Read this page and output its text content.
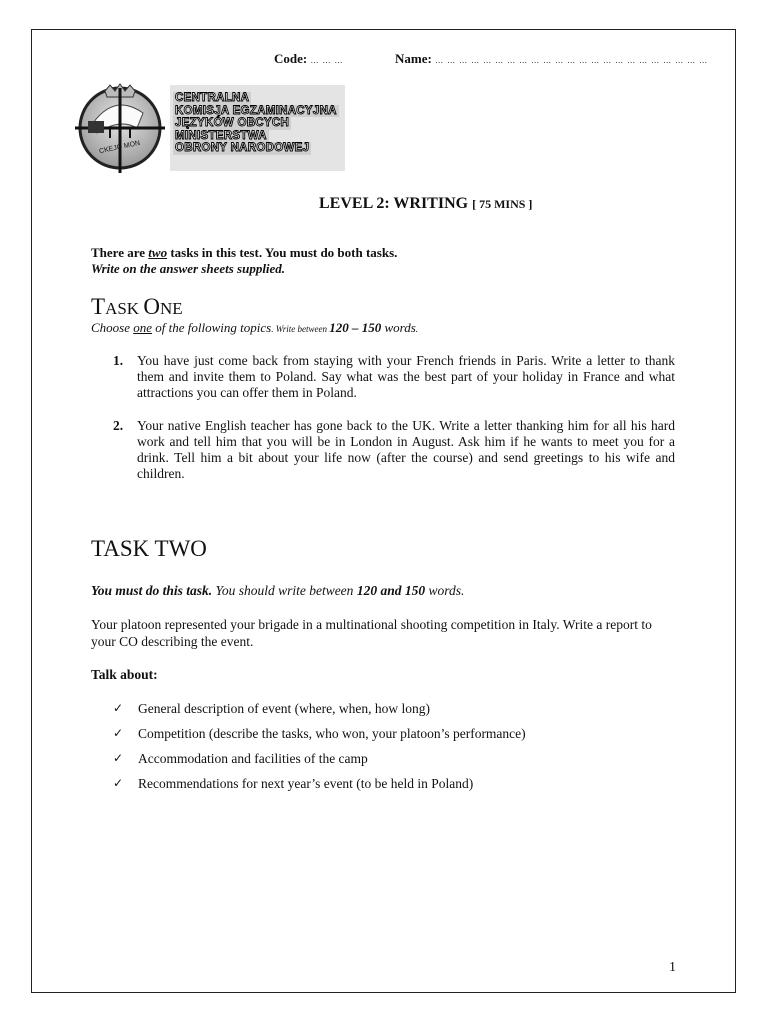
Code: … … …	Name: … … … … … … … … … … … … … … … … … … … … … … …
CKEJO MON
CENTRALNA
KOMISJA EGZAMINACYJNA
JĘZYKÓW OBCYCH
MINISTERSTWA
OBRONY NARODOWEJ
LEVEL 2: WRITING [ 75 MINS ]
There are two tasks in this test. You must do both tasks.
Write on the answer sheets supplied.
TASK ONE
Choose one of the following topics. Write between 120 – 150 words.
1. You have just come back from staying with your French friends in Paris. Write a letter to thank them and invite them to Poland. Say what was the best part of your holiday in France and what attractions you can offer them in Poland.
2. Your native English teacher has gone back to the UK. Write a letter thanking him for all his hard work and tell him that you will be in London in August. Ask him if he wants to meet you for a drink. Tell him a bit about your life now (after the course) and send greetings to his wife and children.
TASK TWO
You must do this task. You should write between 120 and 150 words.
Your platoon represented your brigade in a multinational shooting competition in Italy. Write a report to your CO describing the event.
Talk about:
✓ General description of event (where, when, how long)
✓ Competition (describe the tasks, who won, your platoon’s performance)
✓ Accommodation and facilities of the camp
✓ Recommendations for next year’s event (to be held in Poland)
1
